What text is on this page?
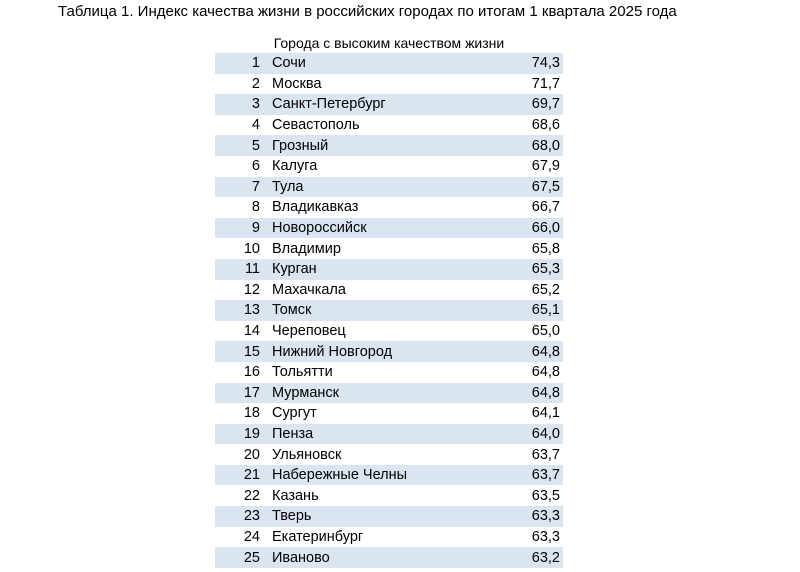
Таблица 1. Индекс качества жизни в российских городах по итогам 1 квартала 2025 года
Города с высоким качеством жизни
1 Сочи	74,3
2 Москва	71,7
3 Санкт-Петербург	69,7
4 Севастополь	68,6
5 Грозный	68,0
6 Калуга	67,9
7 Тула	67,5
8 Владикавказ	66,7
9 Новороссийск	66,0
10 Владимир	65,8
11 Курган	65,3
12 Махачкала	65,2
13 Томск	65,1
14 Череповец	65,0
15 Нижний Новгород	64,8
16 Тольятти	64,8
17 Мурманск	64,8
18 Сургут	64,1
19 Пенза	64,0
20 Ульяновск	63,7
21 Набережные Челны	63,7
22 Казань	63,5
23 Тверь	63,3
24 Екатеринбург	63,3
25 Иваново	63,2
